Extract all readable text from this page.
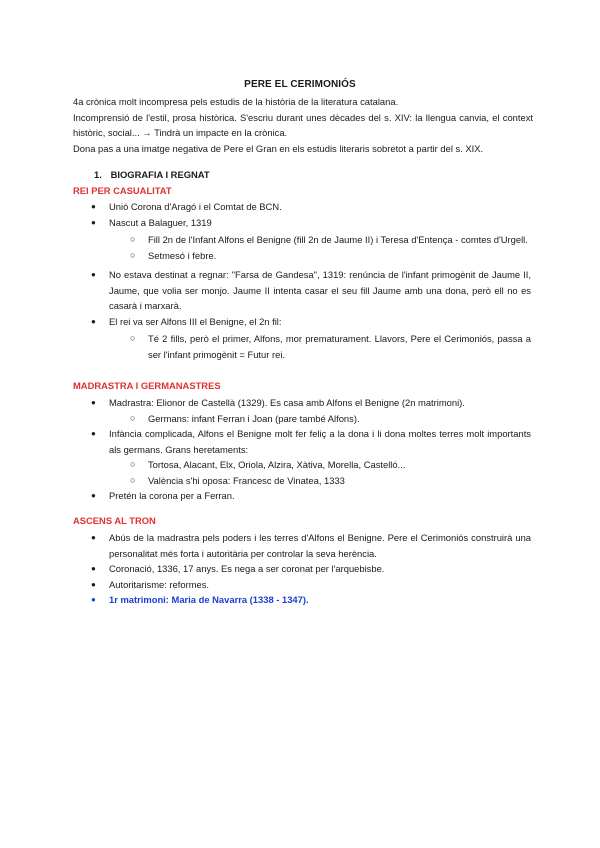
PERE EL CERIMONIÓS

4a crònica molt incompresa pels estudis de la història de la literatura catalana.

Incomprensió de l'estil, prosa històrica. S'escriu durant unes dècades del s. XIV: la llengua canvia, el context històric, social... → Tindrà un impacte en la crònica.

Dona pas a una imatge negativa de Pere el Gran en els estudis literaris sobretot a partir del s. XIX.

1. BIOGRAFIA I REGNAT
REI PER CASUALITAT
● Unió Corona d'Aragó i el Comtat de BCN.
● Nascut a Balaguer, 1319
○ Fill 2n de l'Infant Alfons el Benigne (fill 2n de Jaume II) i Teresa d'Entença - comtes d'Urgell.
○ Setmesó i febre.
● No estava destinat a regnar: "Farsa de Gandesa", 1319: renúncia de l'infant primogènit de Jaume II, Jaume, que volia ser monjo. Jaume II intenta casar el seu fill Jaume amb una dona, però ell no es casarà i marxarà.
● El rei va ser Alfons III el Benigne, el 2n fil:
○ Té 2 fills, però el primer, Alfons, mor prematurament. Llavors, Pere el Cerimoniós, passa a ser l'infant primogènit = Futur rei.
MADRASTRA I GERMANASTRES
● Madrastra: Elionor de Castellà (1329). Es casa amb Alfons el Benigne (2n matrimoni).
○ Germans: infant Ferran i Joan (pare també Alfons).
● Infància complicada, Alfons el Benigne molt fer feliç a la dona i li dona moltes terres molt importants als germans. Grans heretaments:
○ Tortosa, Alacant, Elx, Oriola, Alzira, Xàtiva, Morella, Castelló...
○ València s'hi oposa: Francesc de Vinatea, 1333
● Pretén la corona per a Ferran.
ASCENS AL TRON
● Abús de la madrastra pels poders i les terres d'Alfons el Benigne. Pere el Cerimoniós construirà una personalitat més forta i autoritària per controlar la seva herència.
● Coronació, 1336, 17 anys. Es nega a ser coronat per l'arquebisbe.
● Autoritarisme: reformes.
● 1r matrimoni: Maria de Navarra (1338 - 1347).
